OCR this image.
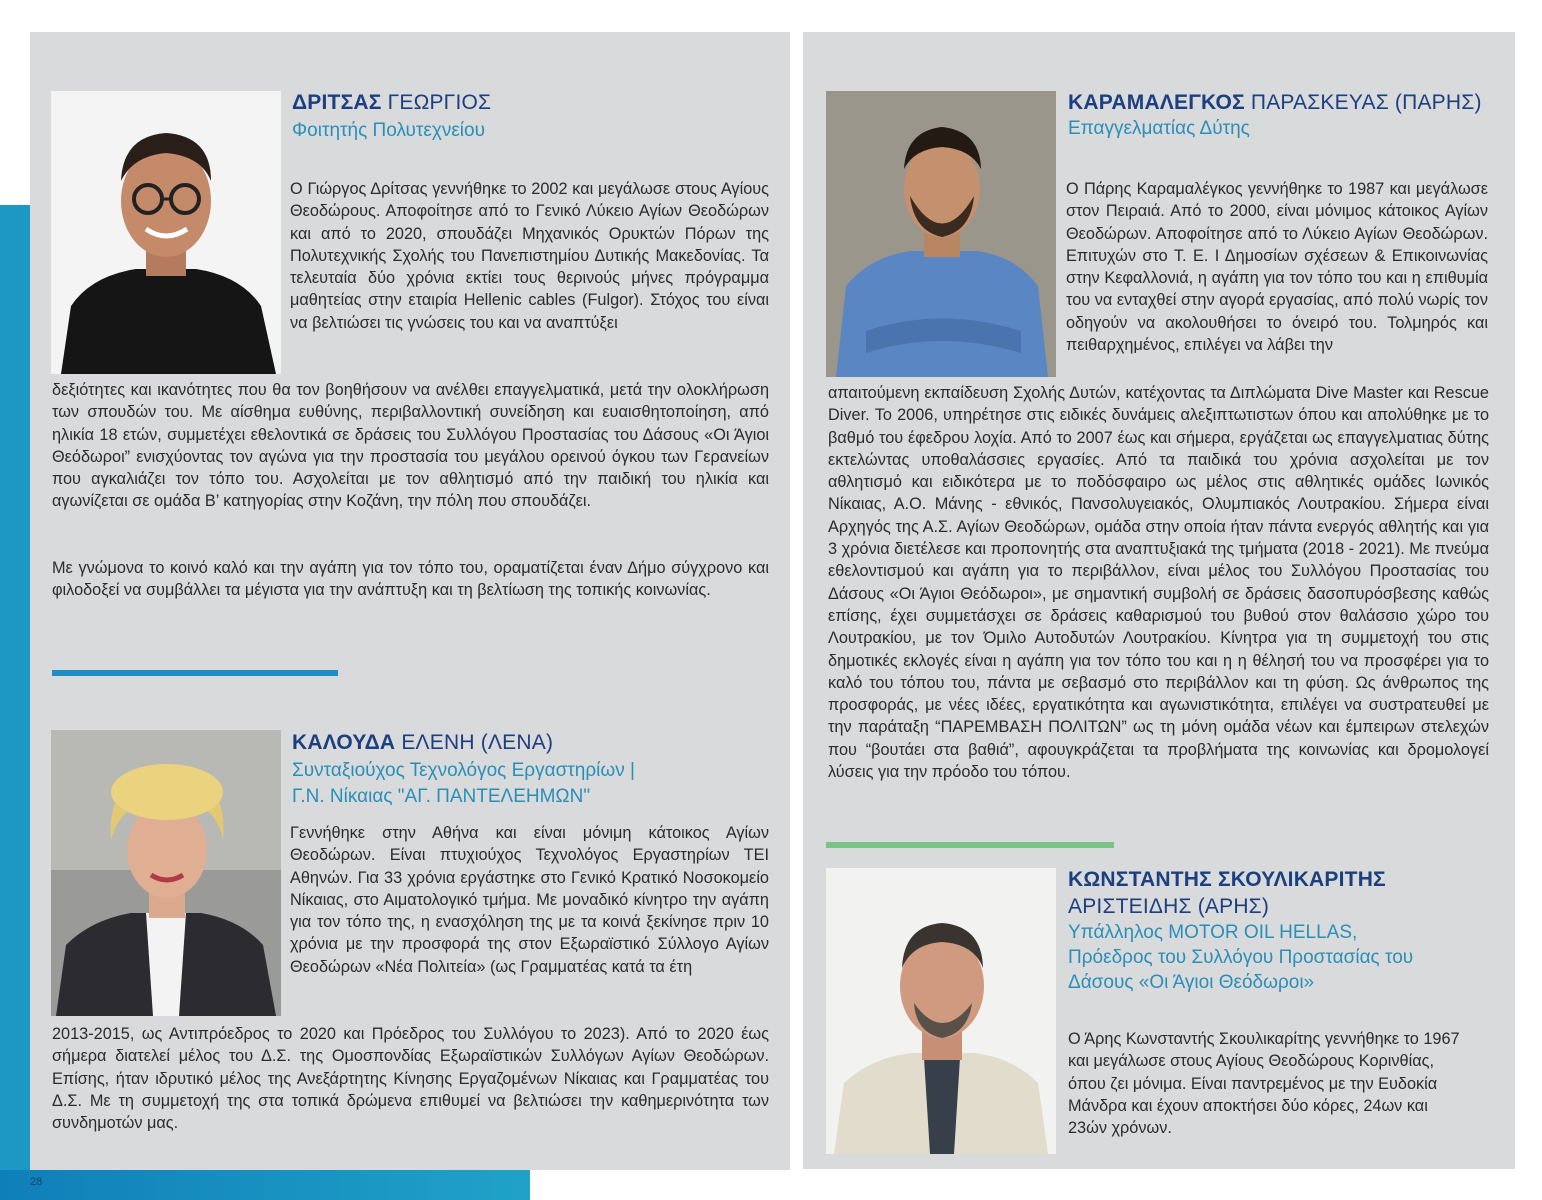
28
ΔΡΙΤΣΑΣ ΓΕΩΡΓΙΟΣ
Φοιτητής Πολυτεχνείου

Ο Γιώργος Δρίτσας γεννήθηκε το 2002 και μεγάλωσε στους Αγίους Θεοδώρους. Αποφοίτησε από το Γενικό Λύκειο Αγίων Θεοδώρων και από το 2020, σπουδάζει Μηχανικός Ορυκτών Πόρων της Πολυτεχνικής Σχολής του Πανεπιστημίου Δυτικής Μακεδονίας. Τα τελευταία δύο χρόνια εκτίει τους θερινούς μήνες πρόγραμμα μαθητείας στην εταιρία Hellenic cables (Fulgor). Στόχος του είναι να βελτιώσει τις γνώσεις του και να αναπτύξει

δεξιότητες και ικανότητες που θα τον βοηθήσουν να ανέλθει επαγγελματικά, μετά την ολοκλήρωση των σπουδών του. Με αίσθημα ευθύνης, περιβαλλοντική συνείδηση και ευαισθητοποίηση, από ηλικία 18 ετών, συμμετέχει εθελοντικά σε δράσεις του Συλλόγου Προστασίας του Δάσους «Οι Άγιοι Θεόδωροι” ενισχύοντας τον αγώνα για την προστασία του μεγάλου ορεινού όγκου των Γερανείων που αγκαλιάζει τον τόπο του. Ασχολείται με τον αθλητισμό από την παιδική του ηλικία και αγωνίζεται σε ομάδα Β’ κατηγορίας στην Κοζάνη, την πόλη που σπουδάζει.

Με γνώμονα το κοινό καλό και την αγάπη για τον τόπο του, οραματίζεται έναν Δήμο σύγχρονο και φιλοδοξεί να συμβάλλει τα μέγιστα για την ανάπτυξη και τη βελτίωση της τοπικής κοινωνίας.

ΚΑΛΟΥΔΑ ΕΛΕΝΗ (ΛΕΝΑ)
Συνταξιούχος Τεχνολόγος Εργαστηρίων |
Γ.Ν. Νίκαιας "ΑΓ. ΠΑΝΤΕΛΕΗΜΩΝ"

Γεννήθηκε στην Αθήνα και είναι μόνιμη κάτοικος Αγίων Θεοδώρων. Είναι πτυχιούχος Τεχνολόγος Εργαστηρίων ΤΕΙ Αθηνών. Για 33 χρόνια εργάστηκε στο Γενικό Κρατικό Νοσοκομείο Νίκαιας, στο Αιματολογικό τμήμα. Με μοναδικό κίνητρο την αγάπη για τον τόπο της, η ενασχόληση της με τα κοινά ξεκίνησε πριν 10 χρόνια με την προσφορά της στον Εξωραϊστικό Σύλλογο Αγίων Θεοδώρων «Νέα Πολιτεία» (ως Γραμματέας κατά τα έτη

2013-2015, ως Αντιπρόεδρος το 2020 και Πρόεδρος του Συλλόγου το 2023). Από το 2020 έως σήμερα διατελεί μέλος του Δ.Σ. της Ομοσπονδίας Εξωραϊστικών Συλλόγων Αγίων Θεοδώρων. Επίσης, ήταν ιδρυτικό μέλος της Ανεξάρτητης Κίνησης Εργαζομένων Νίκαιας και Γραμματέας του Δ.Σ. Με τη συμμετοχή της στα τοπικά δρώμενα επιθυμεί να βελτιώσει την καθημερινότητα των συνδημοτών μας.

ΚΑΡΑΜΑΛΕΓΚΟΣ ΠΑΡΑΣΚΕΥΑΣ (ΠΑΡΗΣ)
Επαγγελματίας Δύτης

Ο Πάρης Καραμαλέγκος γεννήθηκε το 1987 και μεγάλωσε στον Πειραιά. Από το 2000, είναι μόνιμος κάτοικος Αγίων Θεοδώρων. Αποφοίτησε από το Λύκειο Αγίων Θεοδώρων. Επιτυχών στο Τ. Ε. Ι Δημοσίων σχέσεων & Επικοινωνίας στην Κεφαλλονιά, η αγάπη για τον τόπο του και η επιθυμία του να ενταχθεί στην αγορά εργασίας, από πολύ νωρίς τον οδηγούν να ακολουθήσει το όνειρό του. Τολμηρός και πειθαρχημένος, επιλέγει να λάβει την

απαιτούμενη εκπαίδευση Σχολής Δυτών, κατέχοντας τα Διπλώματα Dive Master και Rescue Diver. Το 2006, υπηρέτησε στις ειδικές δυνάμεις αλεξιπτωτιστων όπου και απολύθηκε με το βαθμό του έφεδρου λοχία. Από το 2007 έως και σήμερα, εργάζεται ως επαγγελματιας δύτης εκτελώντας υποθαλάσσιες εργασίες. Από τα παιδικά του χρόνια ασχολείται με τον αθλητισμό και ειδικότερα με το ποδόσφαιρο ως μέλος στις αθλητικές ομάδες Ιωνικός Νίκαιας, Α.Ο. Μάνης - εθνικός, Πανσολυγειακός, Ολυμπιακός Λουτρακίου. Σήμερα είναι Αρχηγός της Α.Σ. Αγίων Θεοδώρων, ομάδα στην οποία ήταν πάντα ενεργός αθλητής και για 3 χρόνια διετέλεσε και προπονητής στα αναπτυξιακά της τμήματα (2018 - 2021). Με πνεύμα εθελοντισμού και αγάπη για το περιβάλλον, είναι μέλος του Συλλόγου Προστασίας του Δάσους «Οι Άγιοι Θεόδωροι», με σημαντική συμβολή σε δράσεις δασοπυρόσβεσης καθώς επίσης, έχει συμμετάσχει σε δράσεις καθαρισμού του βυθού στον θαλάσσιο χώρο του Λουτρακίου, με τον Όμιλο Αυτοδυτών Λουτρακίου. Κίνητρα για τη συμμετοχή του στις δημοτικές εκλογές είναι η αγάπη για τον τόπο του και η η θέλησή του να προσφέρει για το καλό του τόπου του, πάντα με σεβασμό στο περιβάλλον και τη φύση. Ως άνθρωπος της προσφοράς, με νέες ιδέες, εργατικότητα και αγωνιστικότητα, επιλέγει να συστρατευθεί με την παράταξη “ΠΑΡΕΜΒΑΣΗ ΠΟΛΙΤΩΝ” ως τη μόνη ομάδα νέων και έμπειρων στελεχών που “βουτάει στα βαθιά”, αφουγκράζεται τα προβλήματα της κοινωνίας και δρομολογεί λύσεις για την πρόοδο του τόπου.

ΚΩΝΣΤΑΝΤΗΣ ΣΚΟΥΛΙΚΑΡΙΤΗΣ
ΑΡΙΣΤΕΙΔΗΣ (ΑΡΗΣ)
Υπάλληλος MOTOR OIL HELLAS,
Πρόεδρος του Συλλόγου Προστασίας του
Δάσους «Οι Άγιοι Θεόδωροι»

Ο Άρης Κωνσταντής Σκουλικαρίτης γεννήθηκε το 1967 και μεγάλωσε στους Αγίους Θεοδώρους Κορινθίας, όπου ζει μόνιμα. Είναι παντρεμένος με την Ευδοκία Μάνδρα και έχουν αποκτήσει δύο κόρες, 24ων και 23ών χρόνων.
